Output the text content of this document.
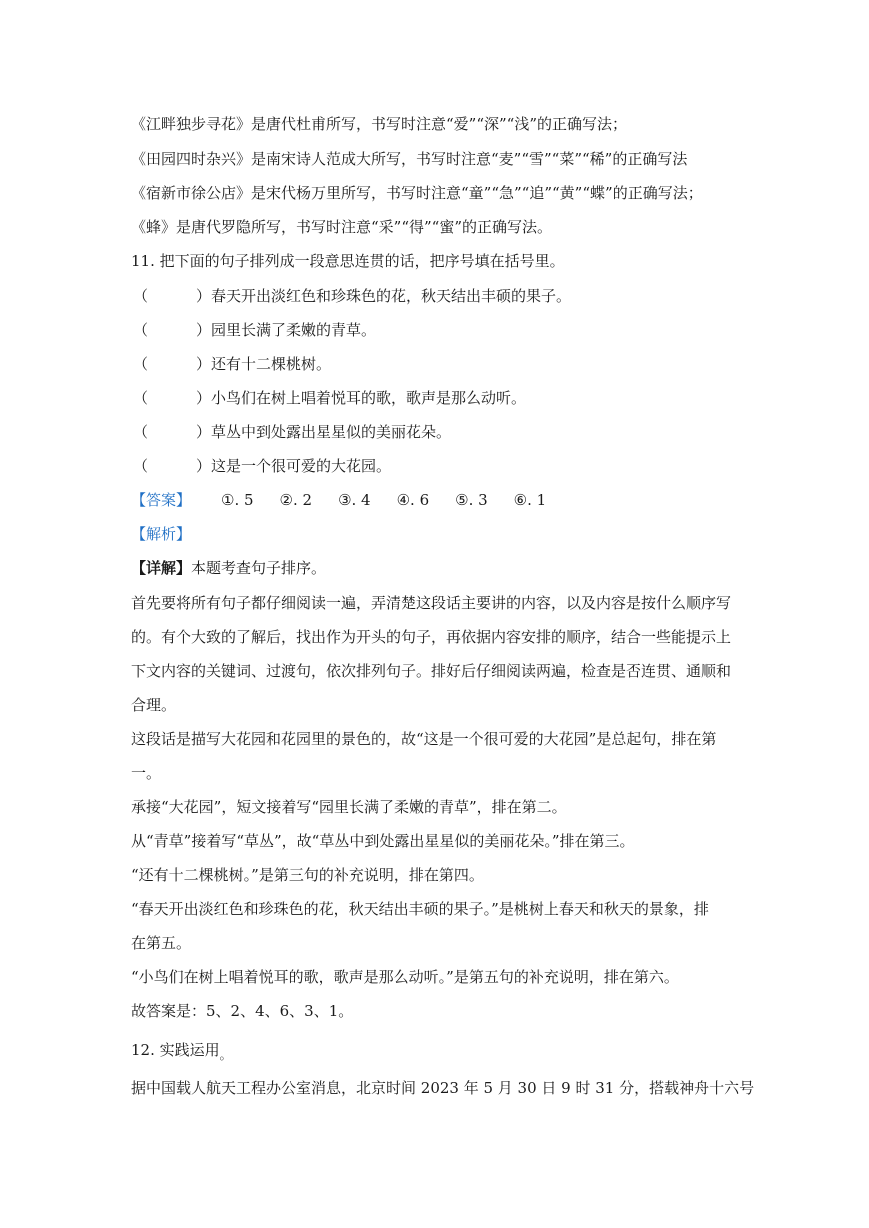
《江畔独步寻花》是唐代杜甫所写，书写时注意“爱”“深”“浅”的正确写法；
《田园四时杂兴》是南宋诗人范成大所写，书写时注意“麦”“雪”“菜”“稀”的正确写法
《宿新市徐公店》是宋代杨万里所写，书写时注意“童”“急”“追”“黄”“蝶”的正确写法；
《蜂》是唐代罗隐所写，书写时注意“采”“得”“蜜”的正确写法。
11. 把下面的句子排列成一段意思连贯的话，把序号填在括号里。
（	）春天开出淡红色和珍珠色的花，秋天结出丰硕的果子。
（	）园里长满了柔嫩的青草。
（	）还有十二棵桃树。
（	）小鸟们在树上唱着悦耳的歌，歌声是那么动听。
（	）草丛中到处露出星星似的美丽花朵。
（	）这是一个很可爱的大花园。
【答案】 ①. 5 ②. 2 ③. 4 ④. 6 ⑤. 3 ⑥. 1
【解析】
【详解】本题考查句子排序。
首先要将所有句子都仔细阅读一遍，弄清楚这段话主要讲的内容，以及内容是按什么顺序写
的。有个大致的了解后，找出作为开头的句子，再依据内容安排的顺序，结合一些能提示上
下文内容的关键词、过渡句，依次排列句子。排好后仔细阅读两遍，检查是否连贯、通顺和
合理。
这段话是描写大花园和花园里的景色的，故“这是一个很可爱的大花园”是总起句，排在第
一。
承接“大花园”，短文接着写“园里长满了柔嫩的青草”，排在第二。
从“青草”接着写“草丛”，故“草丛中到处露出星星似的美丽花朵。”排在第三。
“还有十二棵桃树。”是第三句的补充说明，排在第四。
“春天开出淡红色和珍珠色的花，秋天结出丰硕的果子。”是桃树上春天和秋天的景象，排
在第五。
“小鸟们在树上唱着悦耳的歌，歌声是那么动听。”是第五句的补充说明，排在第六。
故答案是：5、2、4、6、3、1。
12. 实践运用$_。$
据中国载人航天工程办公室消息，北京时间 2023 年 5 月 30 日 9 时 31 分，搭载神舟十六号
